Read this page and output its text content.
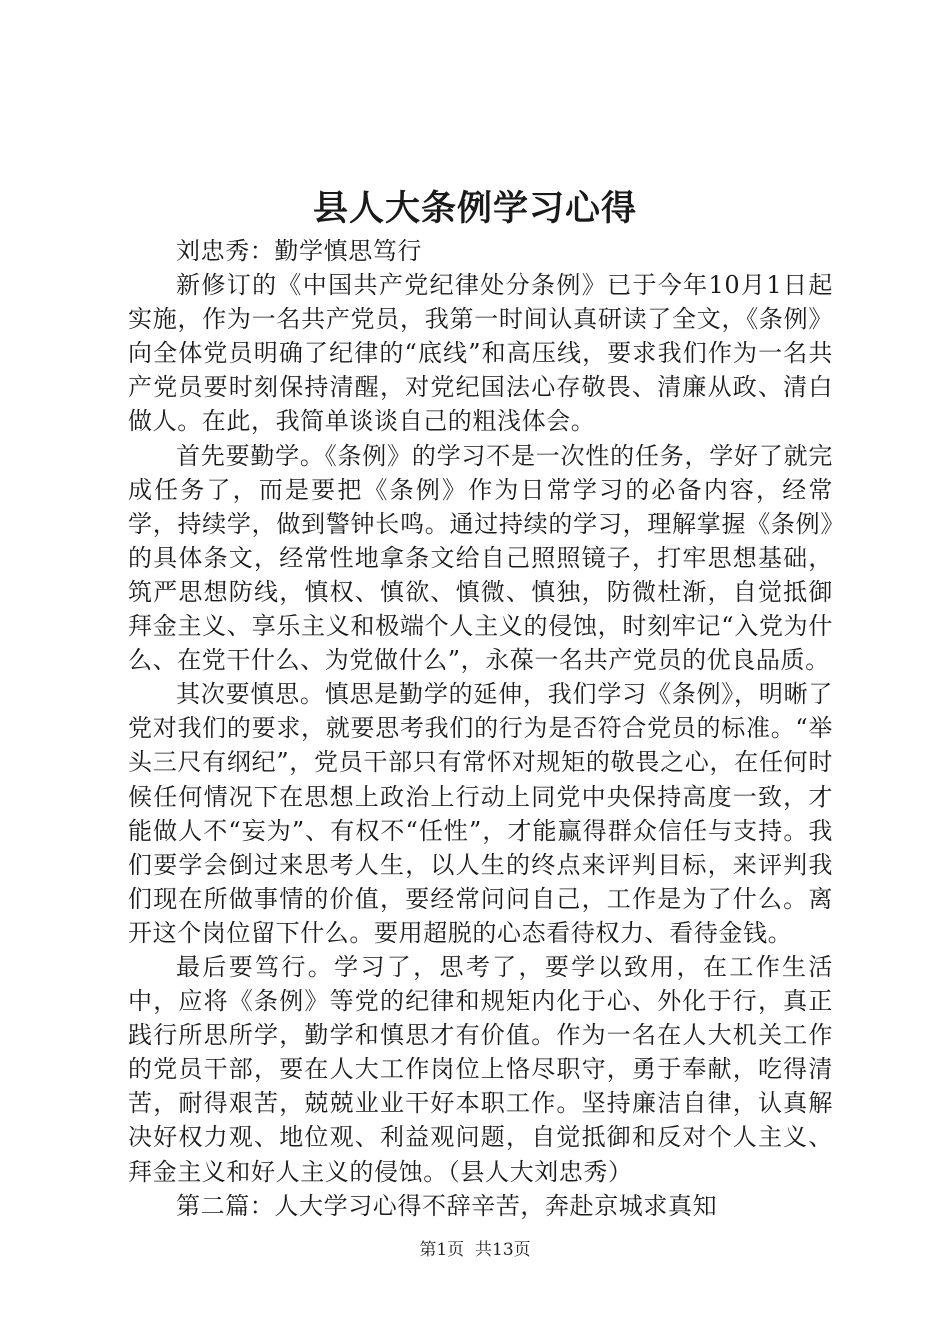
县人大条例学习心得

刘忠秀：勤学慎思笃行

新修订的《中国共产党纪律处分条例》已于今年10月1日起实施，作为一名共产党员，我第一时间认真研读了全文，《条例》向全体党员明确了纪律的“底线”和高压线，要求我们作为一名共产党员要时刻保持清醒，对党纪国法心存敬畏、清廉从政、清白做人。在此，我简单谈谈自己的粗浅体会。

首先要勤学。《条例》的学习不是一次性的任务，学好了就完成任务了，而是要把《条例》作为日常学习的必备内容，经常学，持续学，做到警钟长鸣。通过持续的学习，理解掌握《条例》的具体条文，经常性地拿条文给自己照照镜子，打牢思想基础，筑严思想防线，慎权、慎欲、慎微、慎独，防微杜渐，自觉抵御拜金主义、享乐主义和极端个人主义的侵蚀，时刻牢记“入党为什么、在党干什么、为党做什么”，永葆一名共产党员的优良品质。

其次要慎思。慎思是勤学的延伸，我们学习《条例》，明晰了党对我们的要求，就要思考我们的行为是否符合党员的标准。“举头三尺有纲纪”，党员干部只有常怀对规矩的敬畏之心，在任何时候任何情况下在思想上政治上行动上同党中央保持高度一致，才能做人不“妄为”、有权不“任性”，才能赢得群众信任与支持。我们要学会倒过来思考人生，以人生的终点来评判目标，来评判我们现在所做事情的价值，要经常问问自己，工作是为了什么。离开这个岗位留下什么。要用超脱的心态看待权力、看待金钱。

最后要笃行。学习了，思考了，要学以致用，在工作生活中，应将《条例》等党的纪律和规矩内化于心、外化于行，真正践行所思所学，勤学和慎思才有价值。作为一名在人大机关工作的党员干部，要在人大工作岗位上恪尽职守，勇于奉献，吃得清苦，耐得艰苦，兢兢业业干好本职工作。坚持廉洁自律，认真解决好权力观、地位观、利益观问题，自觉抵御和反对个人主义、拜金主义和好人主义的侵蚀。（县人大刘忠秀）

第二篇：人大学习心得不辞辛苦，奔赴京城求真知

第1页 共13页
